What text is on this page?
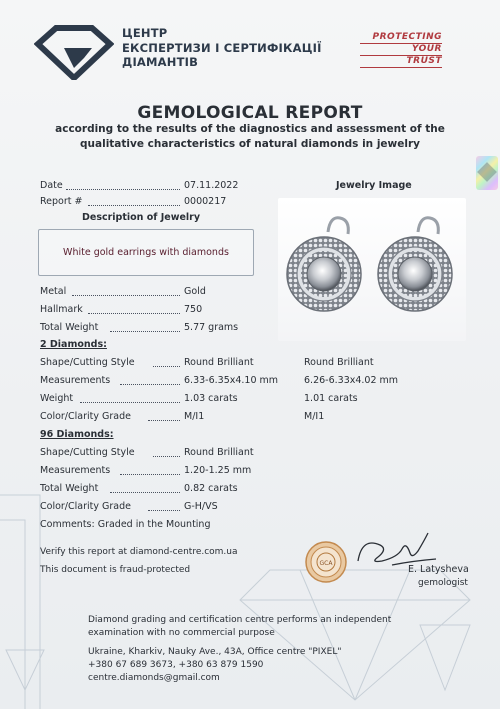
ЦЕНТР
ЕКСПЕРТИЗИ І СЕРТИФІКАЦІЇ
ДІАМАНТІВ
PROTECTING
YOUR
TRUST
GEMOLOGICAL REPORT
according to the results of the diagnostics and assessment of the
qualitative characteristics of natural diamonds in jewelry
Date	07.11.2022
Report #	0000217
Description of Jewelry
White gold earrings with diamonds
Jewelry Image
Metal	Gold
Hallmark	750
Total Weight	5.77 grams
2 Diamonds:
Shape/Cutting Style	Round Brilliant	Round Brilliant
Measurements	6.33-6.35x4.10 mm	6.26-6.33x4.02 mm
Weight	1.03 carats	1.01 carats
Color/Clarity Grade	M/I1	M/I1
96 Diamonds:
Shape/Cutting Style	Round Brilliant
Measurements	1.20-1.25 mm
Total Weight	0.82 carats
Color/Clarity Grade	G-H/VS
Comments: Graded in the Mounting
Verify this report at diamond-centre.com.ua
This document is fraud-protected
GCA
E. Latysheva
gemologist
Diamond grading and certification centre performs an independent
examination with no commercial purpose
Ukraine, Kharkiv, Nauky Ave., 43A, Office centre "PIXEL"
+380 67 689 3673, +380 63 879 1590
centre.diamonds@gmail.com
